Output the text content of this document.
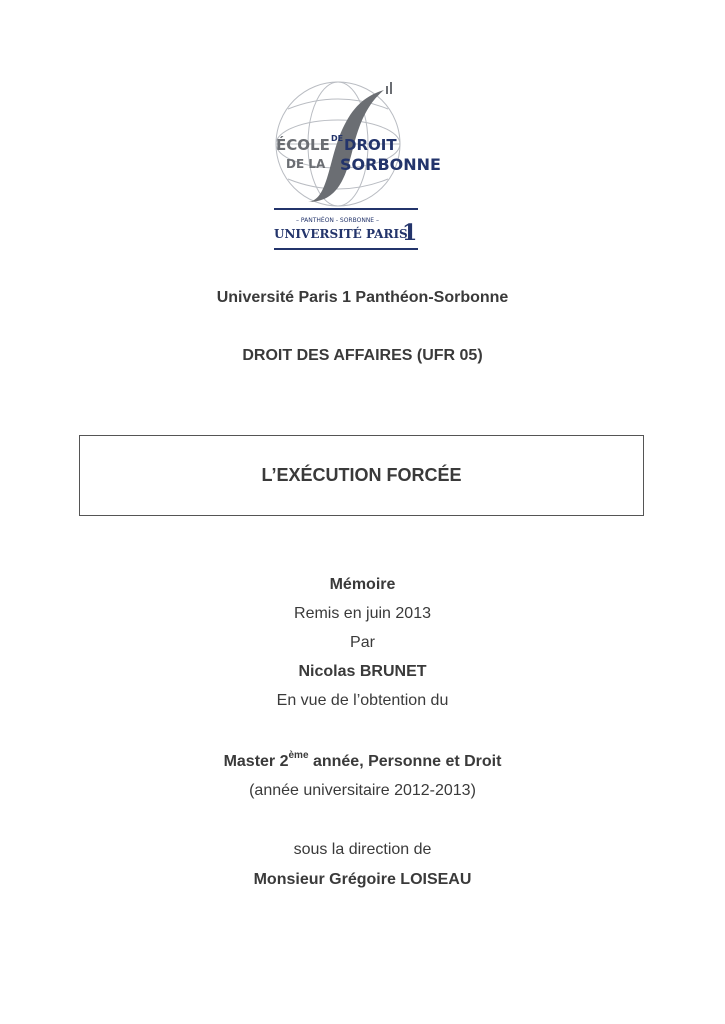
ÉCOLE DE DROIT
DE LA SORBONNE
– PANTHÉON - SORBONNE –
UNIVERSITÉ PARIS
1
Université Paris 1 Panthéon-Sorbonne
DROIT DES AFFAIRES (UFR 05)
L’EXÉCUTION FORCÉE
Mémoire
Remis en juin 2013
Par
Nicolas BRUNET
En vue de l’obtention du
Master 2ème année, Personne et Droit
(année universitaire 2012-2013)
sous la direction de
Monsieur Grégoire LOISEAU
